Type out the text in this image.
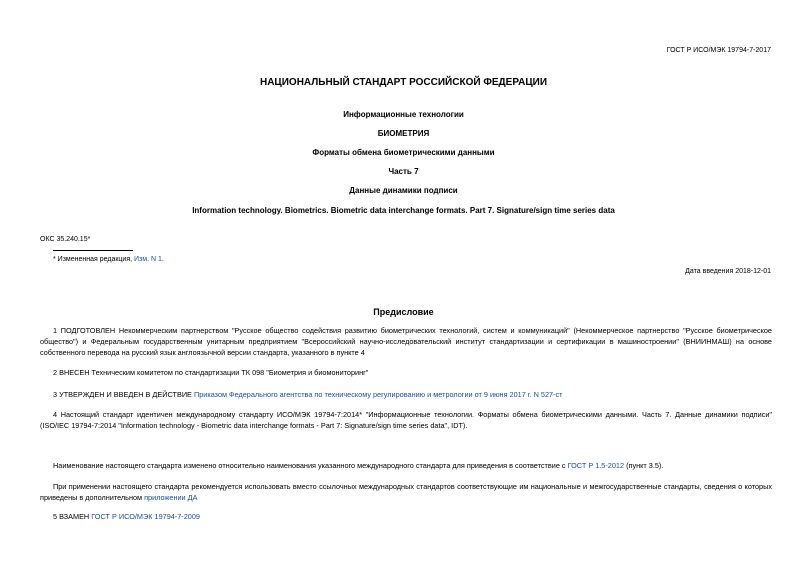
ГОСТ Р ИСО/МЭК 19794-7-2017
НАЦИОНАЛЬНЫЙ СТАНДАРТ РОССИЙСКОЙ ФЕДЕРАЦИИ
Информационные технологии
БИОМЕТРИЯ
Форматы обмена биометрическими данными
Часть 7
Данные динамики подписи
Information technology. Biometrics. Biometric data interchange formats. Part 7. Signature/sign time series data
ОКС 35.240.15*
* Измененная редакция, Изм. N 1.
Дата введения 2018-12-01
Предисловие
1 ПОДГОТОВЛЕН Некоммерческим партнерством "Русское общество содействия развитию биометрических технологий, систем и коммуникаций" (Некоммерческое партнерство "Русское биометрическое общество") и Федеральным государственным унитарным предприятием "Всероссийский научно-исследовательский институт стандартизации и сертификации в машиностроении" (ВНИИНМАШ) на основе собственного перевода на русский язык англоязычной версии стандарта, указанного в пункте 4
2 ВНЕСЕН Техническим комитетом по стандартизации ТК 098 "Биометрия и биомониторинг"
3 УТВЕРЖДЕН И ВВЕДЕН В ДЕЙСТВИЕ Приказом Федерального агентства по техническому регулированию и метрологии от 9 июня 2017 г. N 527-ст
4 Настоящий стандарт идентичен международному стандарту ИСО/МЭК 19794-7:2014* "Информационные технологии. Форматы обмена биометрическими данными. Часть 7. Данные динамики подписи" (ISO/IEC 19794-7:2014 "Information technology - Biometric data interchange formats - Part 7: Signature/sign time series data", IDT).
Наименование настоящего стандарта изменено относительно наименования указанного международного стандарта для приведения в соответствие с ГОСТ Р 1.5-2012 (пункт 3.5).
При применении настоящего стандарта рекомендуется использовать вместо ссылочных международных стандартов соответствующие им национальные и межгосударственные стандарты, сведения о которых приведены в дополнительном приложении ДА
5 ВЗАМЕН ГОСТ Р ИСО/МЭК 19794-7-2009
